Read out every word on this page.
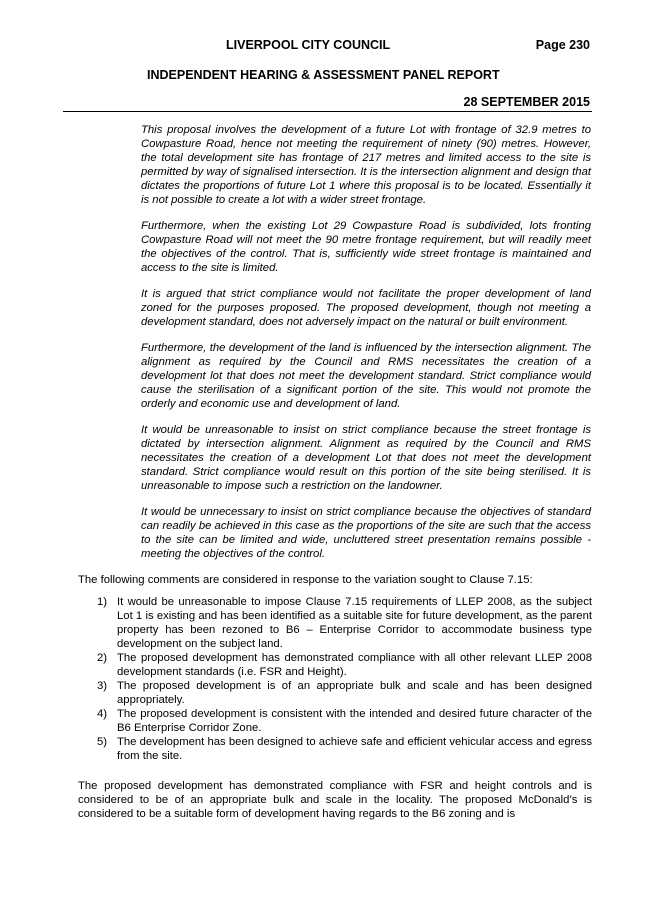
LIVERPOOL CITY COUNCIL	Page 230
INDEPENDENT HEARING & ASSESSMENT PANEL REPORT
28 SEPTEMBER 2015

This proposal involves the development of a future Lot with frontage of 32.9 metres to Cowpasture Road, hence not meeting the requirement of ninety (90) metres. However, the total development site has frontage of 217 metres and limited access to the site is permitted by way of signalised intersection. It is the intersection alignment and design that dictates the proportions of future Lot 1 where this proposal is to be located. Essentially it is not possible to create a lot with a wider street frontage.

Furthermore, when the existing Lot 29 Cowpasture Road is subdivided, lots fronting Cowpasture Road will not meet the 90 metre frontage requirement, but will readily meet the objectives of the control. That is, sufficiently wide street frontage is maintained and access to the site is limited.

It is argued that strict compliance would not facilitate the proper development of land zoned for the purposes proposed. The proposed development, though not meeting a development standard, does not adversely impact on the natural or built environment.

Furthermore, the development of the land is influenced by the intersection alignment. The alignment as required by the Council and RMS necessitates the creation of a development lot that does not meet the development standard. Strict compliance would cause the sterilisation of a significant portion of the site. This would not promote the orderly and economic use and development of land.

It would be unreasonable to insist on strict compliance because the street frontage is dictated by intersection alignment. Alignment as required by the Council and RMS necessitates the creation of a development Lot that does not meet the development standard. Strict compliance would result on this portion of the site being sterilised. It is unreasonable to impose such a restriction on the landowner.

It would be unnecessary to insist on strict compliance because the objectives of standard can readily be achieved in this case as the proportions of the site are such that the access to the site can be limited and wide, uncluttered street presentation remains possible - meeting the objectives of the control.

The following comments are considered in response to the variation sought to Clause 7.15:

1) It would be unreasonable to impose Clause 7.15 requirements of LLEP 2008, as the subject Lot 1 is existing and has been identified as a suitable site for future development, as the parent property has been rezoned to B6 – Enterprise Corridor to accommodate business type development on the subject land.
2) The proposed development has demonstrated compliance with all other relevant LLEP 2008 development standards (i.e. FSR and Height).
3) The proposed development is of an appropriate bulk and scale and has been designed appropriately.
4) The proposed development is consistent with the intended and desired future character of the B6 Enterprise Corridor Zone.
5) The development has been designed to achieve safe and efficient vehicular access and egress from the site.

The proposed development has demonstrated compliance with FSR and height controls and is considered to be of an appropriate bulk and scale in the locality. The proposed McDonald’s is considered to be a suitable form of development having regards to the B6 zoning and is
